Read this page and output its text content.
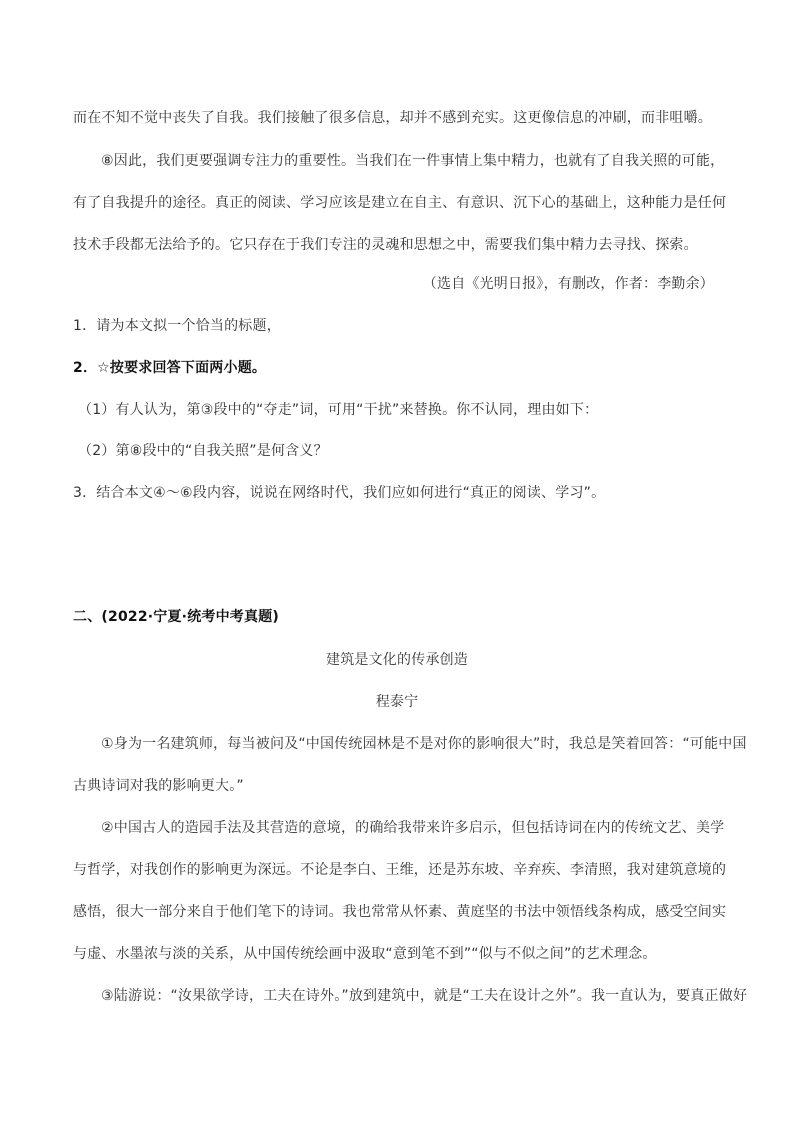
而在不知不觉中丧失了自我。我们接触了很多信息，却并不感到充实。这更像信息的冲刷，而非咀嚼。
⑧因此，我们更要强调专注力的重要性。当我们在一件事情上集中精力，也就有了自我关照的可能，
有了自我提升的途径。真正的阅读、学习应该是建立在自主、有意识、沉下心的基础上，这种能力是任何
技术手段都无法给予的。它只存在于我们专注的灵魂和思想之中，需要我们集中精力去寻找、探索。
（选自《光明日报》，有删改，作者：李勤余）
1．请为本文拟一个恰当的标题，
2．☆按要求回答下面两小题。
（1）有人认为，第③段中的“夺走”词，可用“干扰”来替换。你不认同，理由如下：
（2）第⑧段中的“自我关照”是何含义？
3．结合本文④～⑥段内容，说说在网络时代，我们应如何进行“真正的阅读、学习”。
二、(2022·宁夏·统考中考真题)
建筑是文化的传承创造
程泰宁
①身为一名建筑师，每当被问及“中国传统园林是不是对你的影响很大”时，我总是笑着回答：“可能中国
古典诗词对我的影响更大。”
②中国古人的造园手法及其营造的意境，的确给我带来许多启示，但包括诗词在内的传统文艺、美学
与哲学，对我创作的影响更为深远。不论是李白、王维，还是苏东坡、辛弃疾、李清照，我对建筑意境的
感悟，很大一部分来自于他们笔下的诗词。我也常常从怀素、黄庭坚的书法中领悟线条构成，感受空间实
与虚、水墨浓与淡的关系，从中国传统绘画中汲取“意到笔不到”“似与不似之间”的艺术理念。
③陆游说：“汝果欲学诗，工夫在诗外。”放到建筑中，就是“工夫在设计之外”。我一直认为，要真正做好
